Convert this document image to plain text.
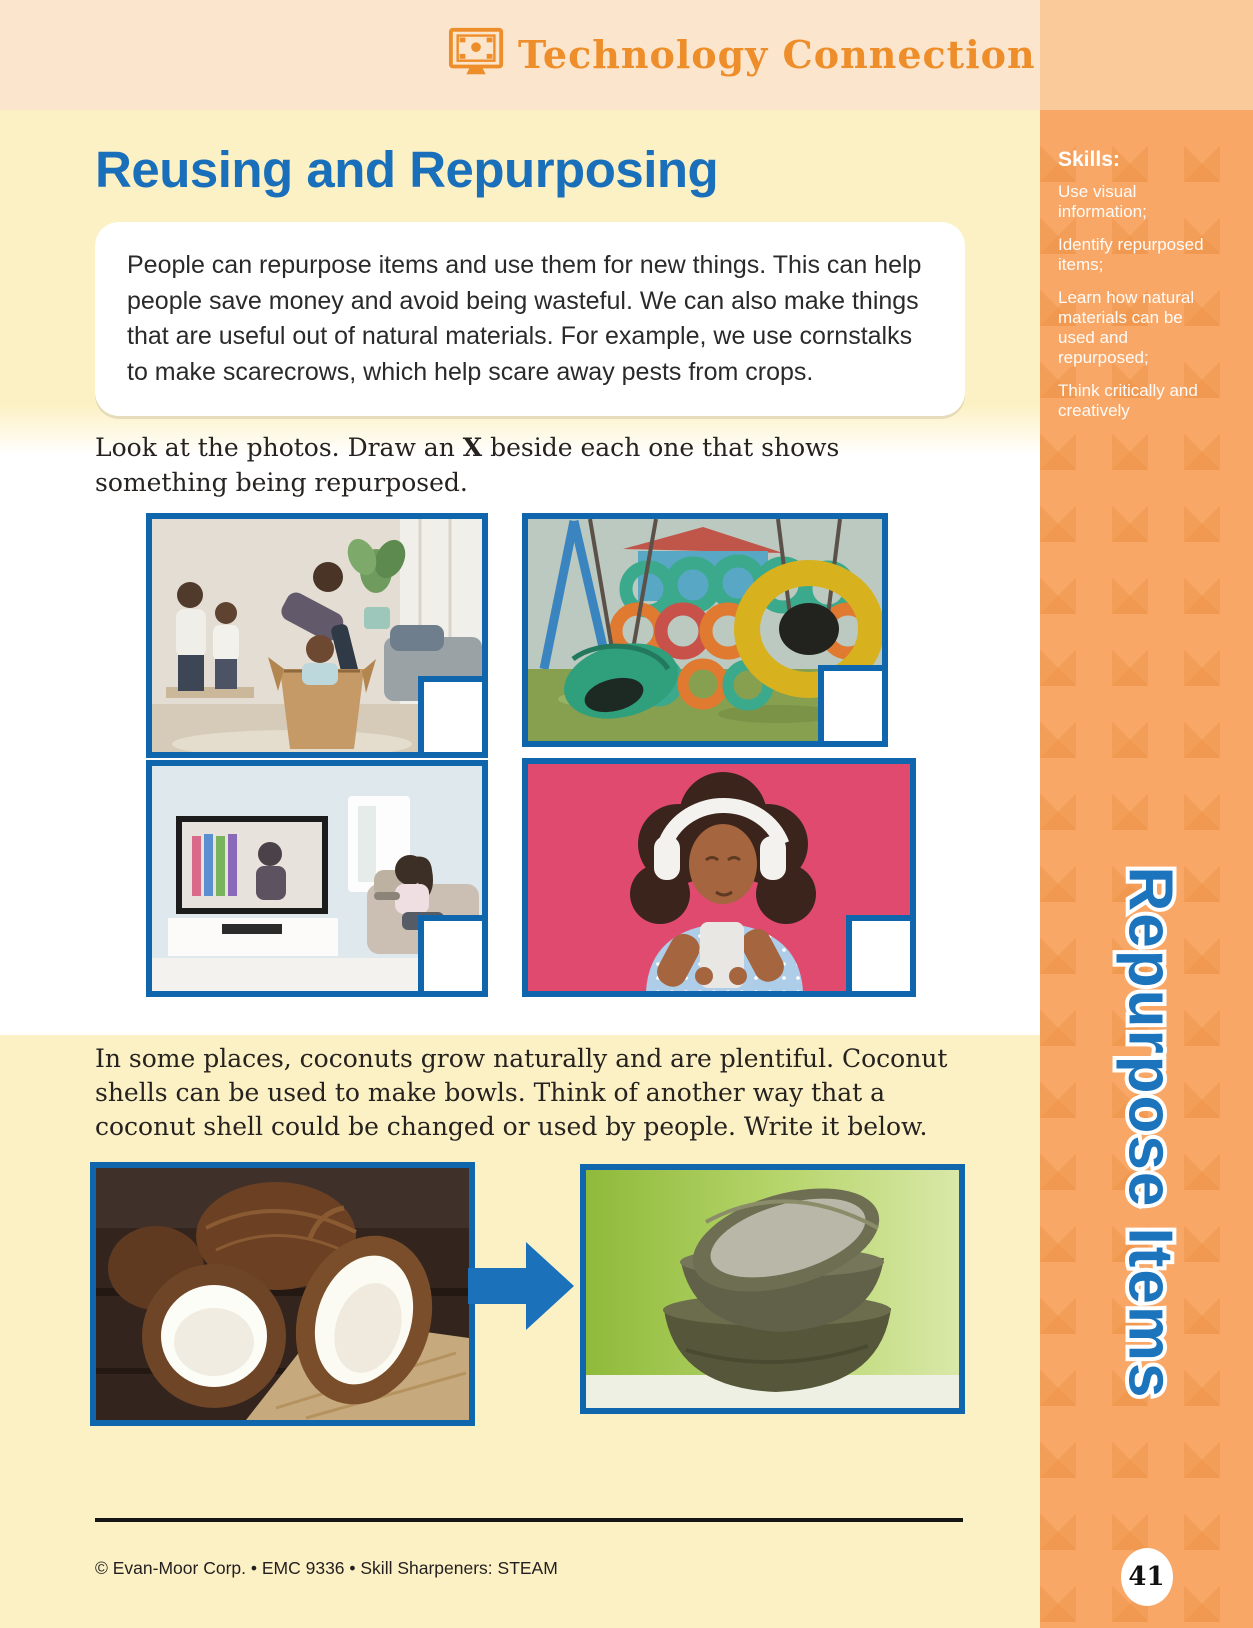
Technology Connection
Skills:
Use visual information;
Identify repurposed items;
Learn how natural materials can be used and repurposed;
Think critically and creatively
Repurpose Items
41
Reusing and Repurposing
People can repurpose items and use them for new things. This can help people save money and avoid being wasteful. We can also make things that are useful out of natural materials. For example, we use cornstalks to make scarecrows, which help scare away pests from crops.
Look at the photos. Draw an X beside each one that shows something being repurposed.
In some places, coconuts grow naturally and are plentiful. Coconut shells can be used to make bowls. Think of another way that a coconut shell could be changed or used by people. Write it below.
© Evan-Moor Corp. • EMC 9336 • Skill Sharpeners: STEAM
